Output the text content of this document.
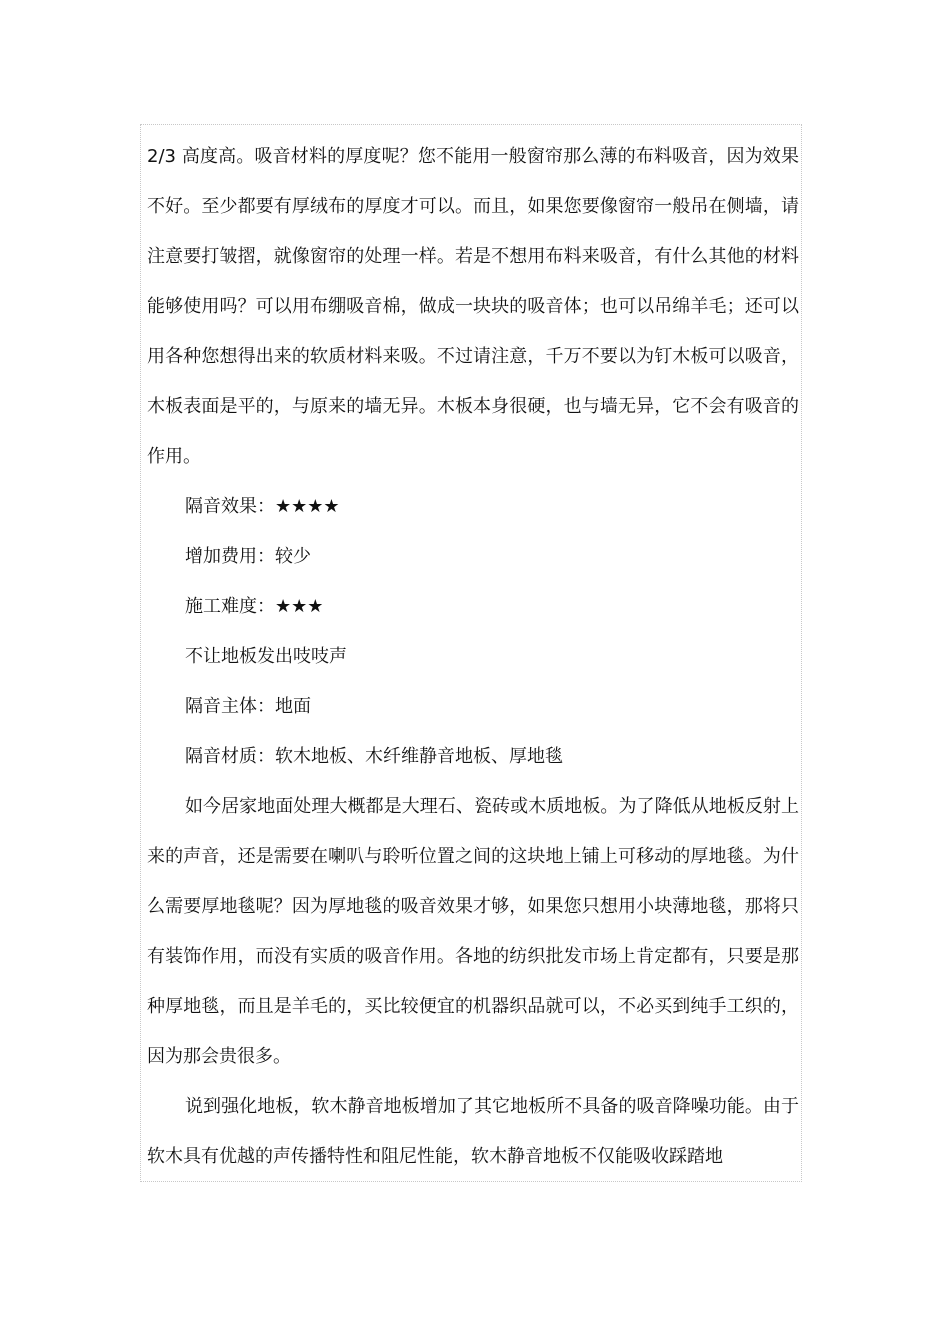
2/3 高度高。吸音材料的厚度呢？您不能用一般窗帘那么薄的布料吸音，因为效果不好。至少都要有厚绒布的厚度才可以。而且，如果您要像窗帘一般吊在侧墙，请注意要打皱摺，就像窗帘的处理一样。若是不想用布料来吸音，有什么其他的材料能够使用吗？可以用布绷吸音棉，做成一块块的吸音体；也可以吊绵羊毛；还可以用各种您想得出来的软质材料来吸。不过请注意，千万不要以为钉木板可以吸音，木板表面是平的，与原来的墙无异。木板本身很硬，也与墙无异，它不会有吸音的作用。

隔音效果：★★★★

增加费用：较少

施工难度：★★★

不让地板发出吱吱声

隔音主体：地面

隔音材质：软木地板、木纤维静音地板、厚地毯

如今居家地面处理大概都是大理石、瓷砖或木质地板。为了降低从地板反射上来的声音，还是需要在喇叭与聆听位置之间的这块地上铺上可移动的厚地毯。为什么需要厚地毯呢？因为厚地毯的吸音效果才够，如果您只想用小块薄地毯，那将只有装饰作用，而没有实质的吸音作用。各地的纺织批发市场上肯定都有，只要是那种厚地毯，而且是羊毛的，买比较便宜的机器织品就可以，不必买到纯手工织的，因为那会贵很多。

说到强化地板，软木静音地板增加了其它地板所不具备的吸音降噪功能。由于软木具有优越的声传播特性和阻尼性能，软木静音地板不仅能吸收踩踏地
